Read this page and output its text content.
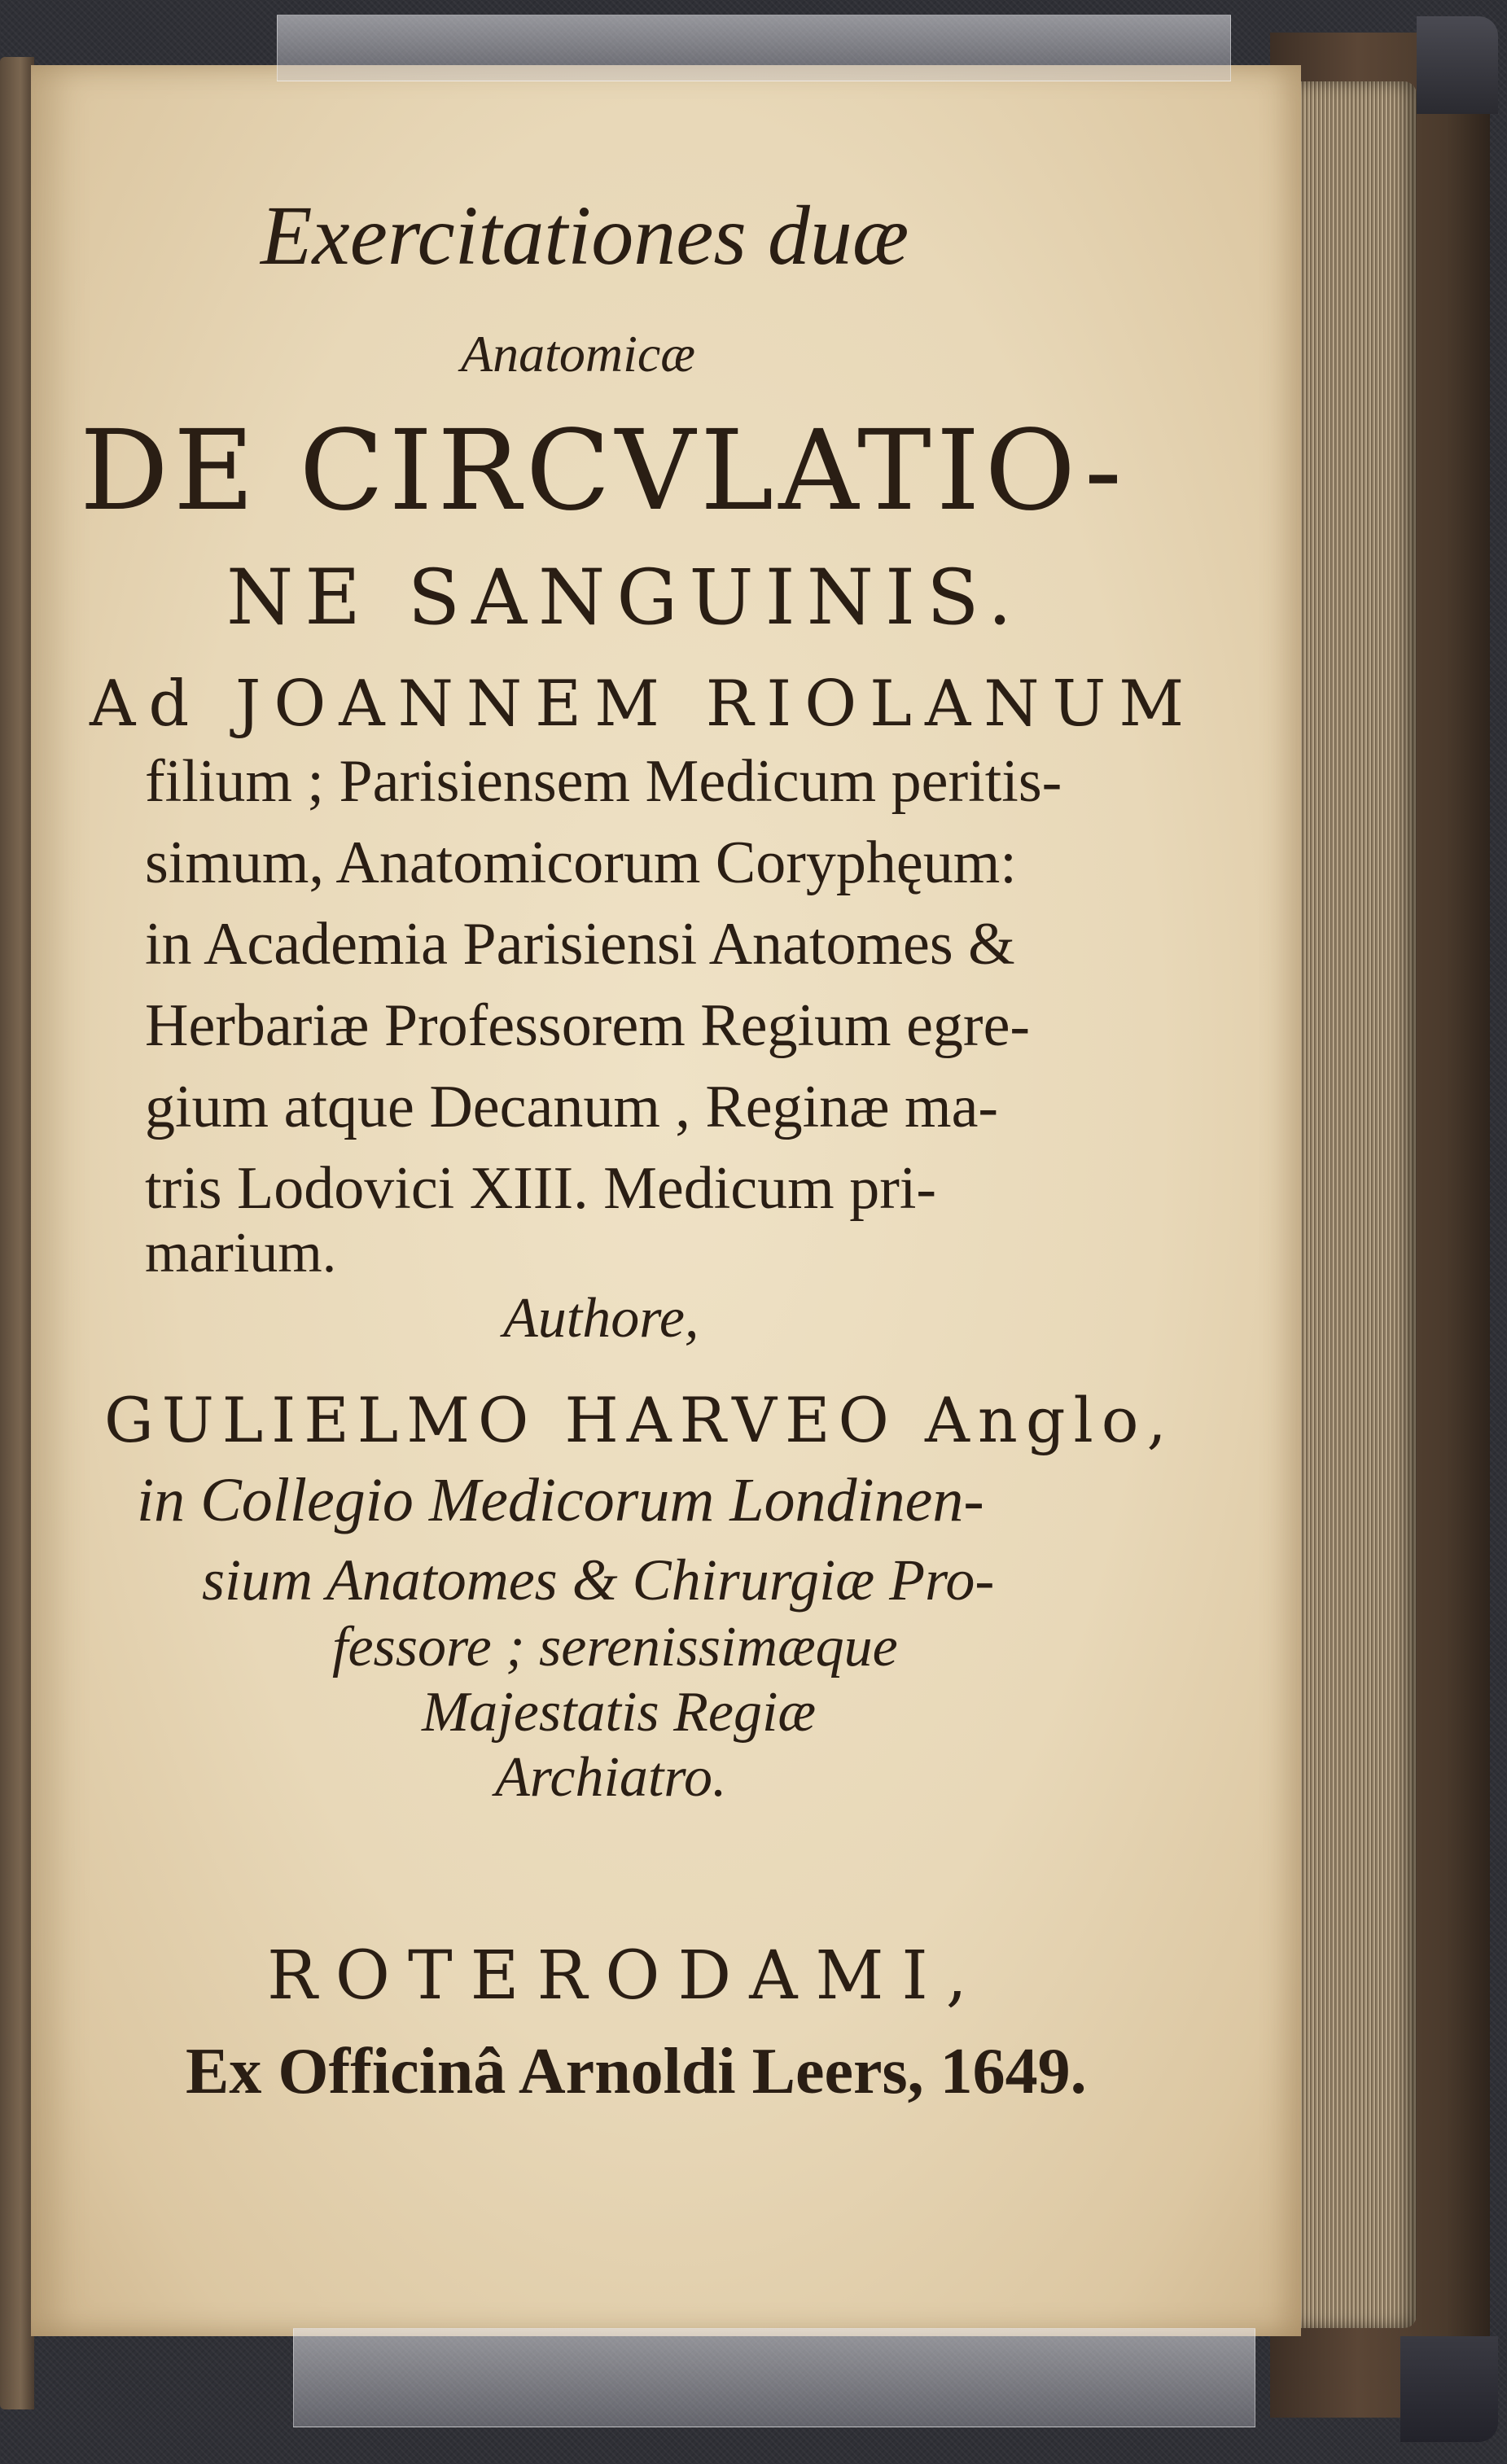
Exercitationes duæ
Anatomicæ
DE CIRCVLATIO-
NE SANGUINIS.
Ad JOANNEM RIOLANUM
filium ; Parisiensem Medicum peritis-
simum, Anatomicorum Coryphęum:
in Academia Parisiensi Anatomes &
Herbariæ Professorem Regium egre-
gium atque Decanum , Reginæ ma-
tris Lodovici XIII. Medicum pri-
marium.
Authore,
GULIELMO HARVEO Anglo,
in Collegio Medicorum Londinen-
sium Anatomes & Chirurgiæ Pro-
fessore ; serenissimæque
Majestatis Regiæ
Archiatro.
ROTERODAMI,
Ex Officinâ Arnoldi Leers, 1649.
